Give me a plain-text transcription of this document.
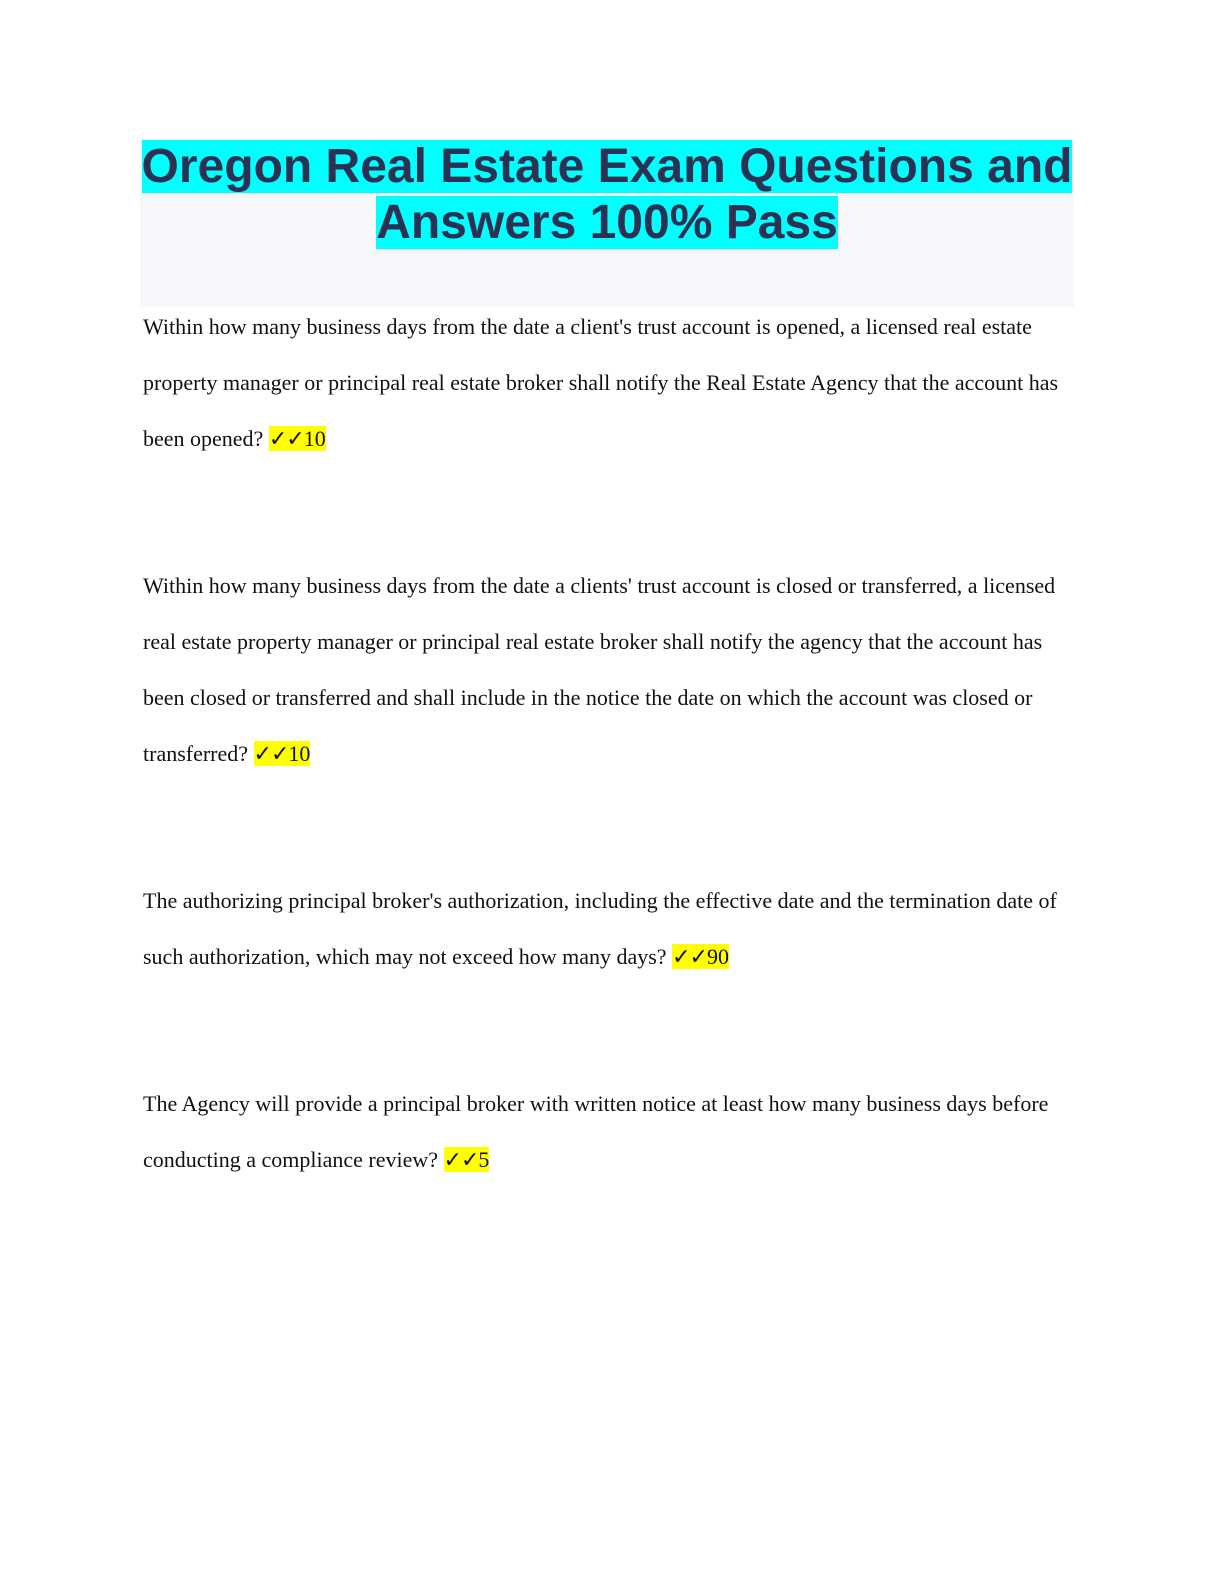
Oregon Real Estate Exam Questions and Answers 100% Pass

Within how many business days from the date a client's trust account is opened, a licensed real estate property manager or principal real estate broker shall notify the Real Estate Agency that the account has been opened? ✓✓10

Within how many business days from the date a clients' trust account is closed or transferred, a licensed real estate property manager or principal real estate broker shall notify the agency that the account has been closed or transferred and shall include in the notice the date on which the account was closed or transferred? ✓✓10

The authorizing principal broker's authorization, including the effective date and the termination date of such authorization, which may not exceed how many days? ✓✓90

The Agency will provide a principal broker with written notice at least how many business days before conducting a compliance review? ✓✓5
